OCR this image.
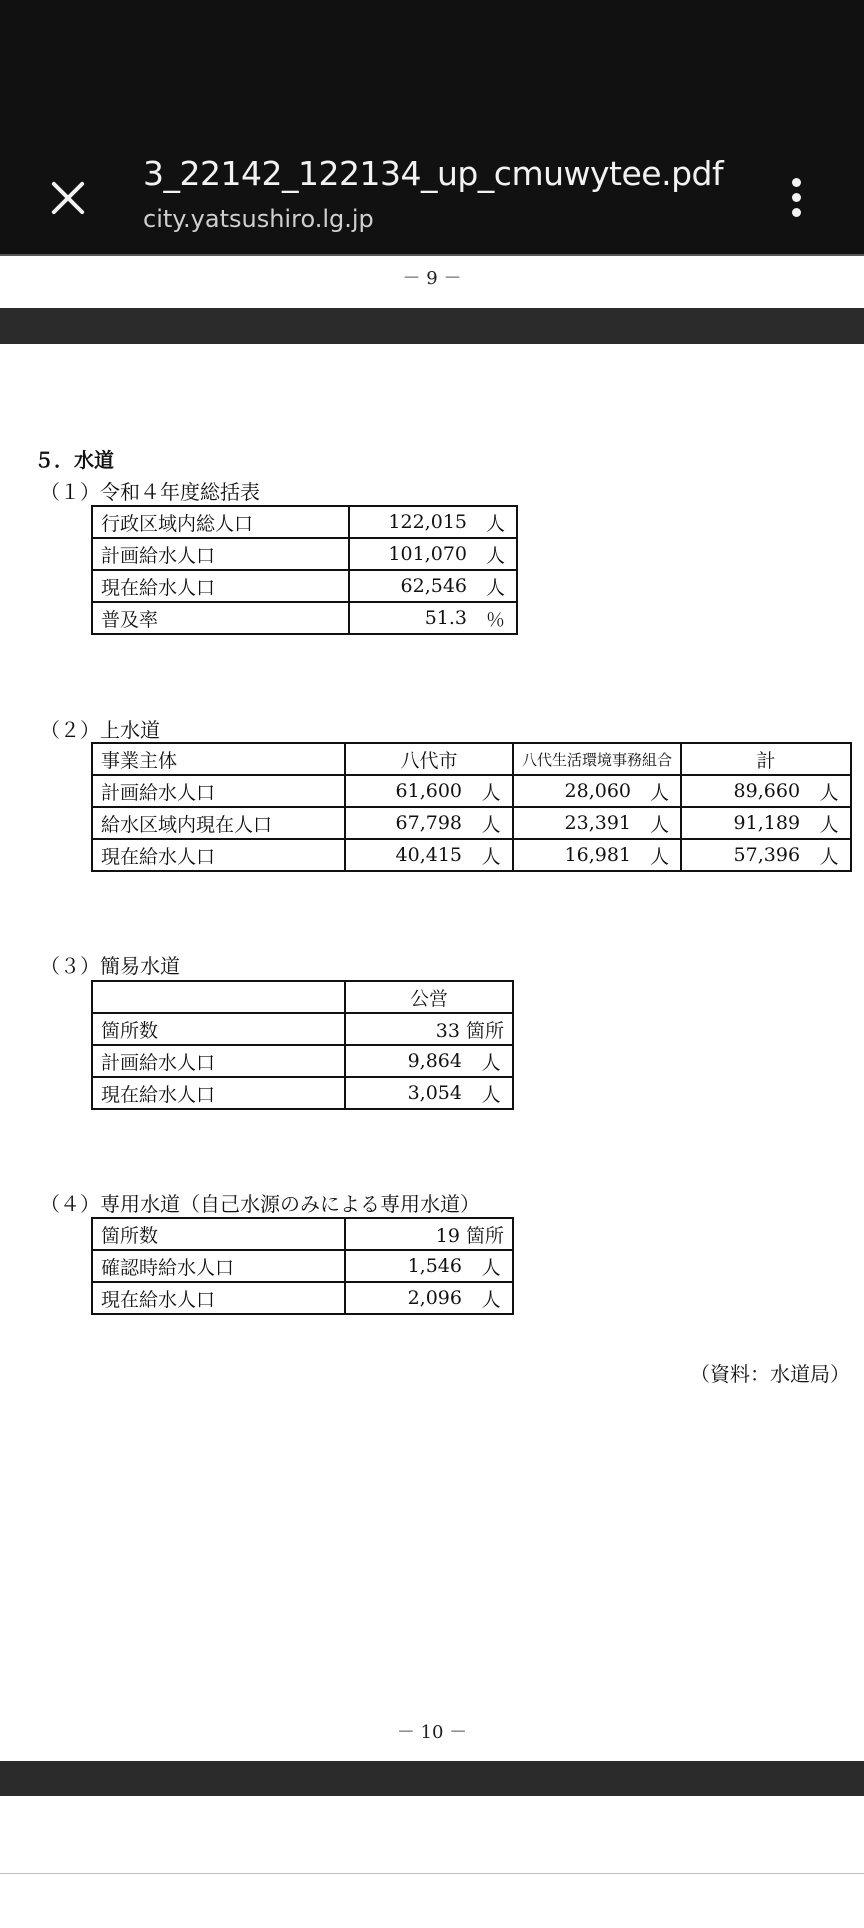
3_22142_122134_up_cmuwytee.pdf
city.yatsushiro.lg.jp
－ 9 －
５．水道
（１）令和４年度総括表
行政区域内総人口	122,015	人
計画給水人口	101,070	人
現在給水人口	62,546	人
普及率	51.3	％
（２）上水道
事業主体	八代市		八代生活環境事務組合		計	
計画給水人口	61,600	人	28,060	人	89,660	人
給水区域内現在人口	67,798	人	23,391	人	91,189	人
現在給水人口	40,415	人	16,981	人	57,396	人
（３）簡易水道
	公営	
箇所数	33 箇所	
計画給水人口	9,864	人
現在給水人口	3,054	人
（４）専用水道（自己水源のみによる専用水道）
箇所数	19 箇所	
確認時給水人口	1,546	人
現在給水人口	2,096	人
（資料：水道局）
－ 10 －
